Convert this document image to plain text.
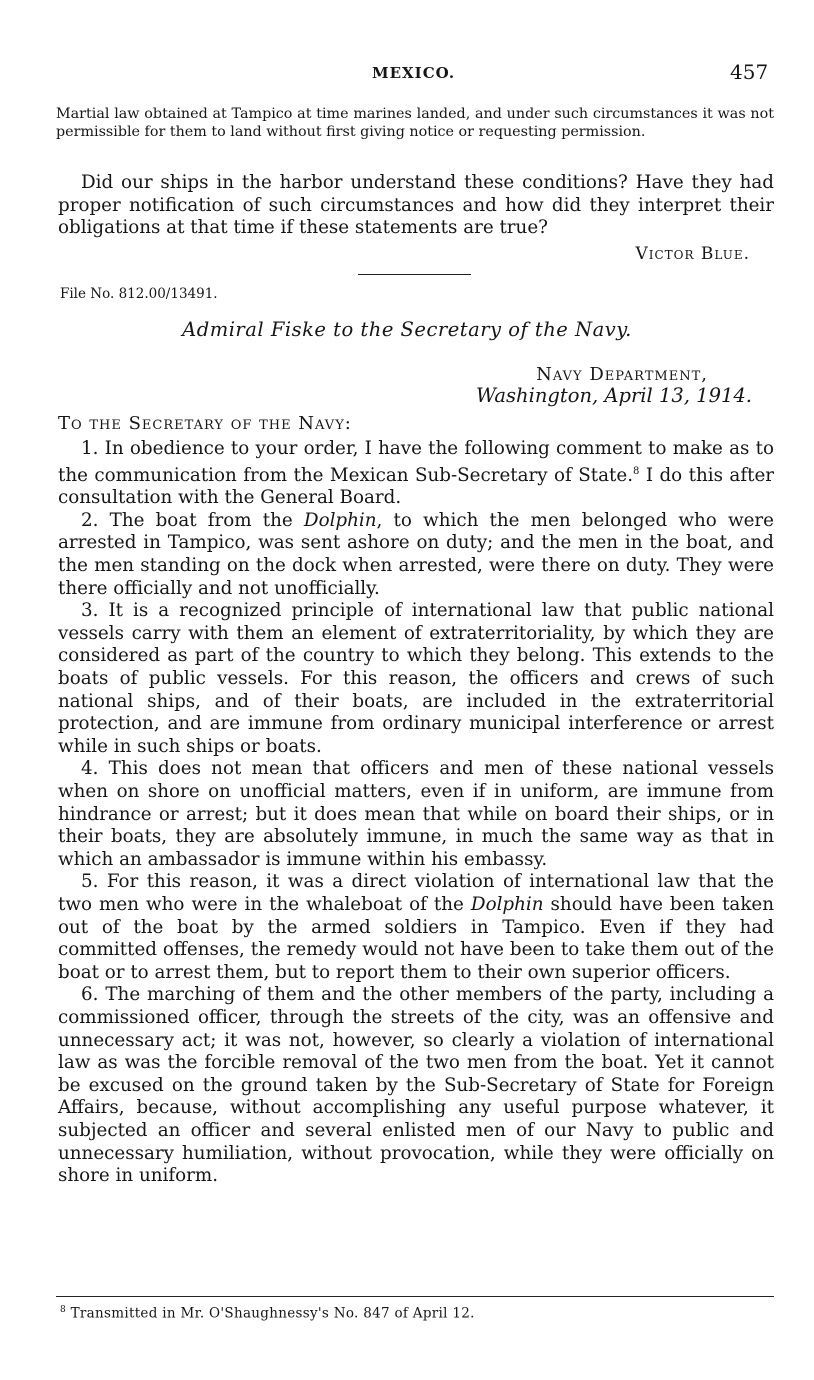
MEXICO.	457
Martial law obtained at Tampico at time marines landed, and under such circumstances it was not permissible for them to land without first giving notice or requesting permission.

Did our ships in the harbor understand these conditions? Have they had proper notification of such circumstances and how did they interpret their obligations at that time if these statements are true?

Victor Blue.
File No. 812.00/13491.
Admiral Fiske to the Secretary of the Navy.
Navy Department,
Washington, April 13, 1914.
To the Secretary of the Navy:

1. In obedience to your order, I have the following comment to make as to the communication from the Mexican Sub-Secretary of State.$^8$ I do this after consultation with the General Board.

2. The boat from the Dolphin, to which the men belonged who were arrested in Tampico, was sent ashore on duty; and the men in the boat, and the men standing on the dock when arrested, were there on duty. They were there officially and not unofficially.

3. It is a recognized principle of international law that public national vessels carry with them an element of extraterritoriality, by which they are considered as part of the country to which they belong. This extends to the boats of public vessels. For this reason, the officers and crews of such national ships, and of their boats, are included in the extraterritorial protection, and are immune from ordinary municipal interference or arrest while in such ships or boats.

4. This does not mean that officers and men of these national vessels when on shore on unofficial matters, even if in uniform, are immune from hindrance or arrest; but it does mean that while on board their ships, or in their boats, they are absolutely immune, in much the same way as that in which an ambassador is immune within his embassy.

5. For this reason, it was a direct violation of international law that the two men who were in the whaleboat of the Dolphin should have been taken out of the boat by the armed soldiers in Tampico. Even if they had committed offenses, the remedy would not have been to take them out of the boat or to arrest them, but to report them to their own superior officers.

6. The marching of them and the other members of the party, including a commissioned officer, through the streets of the city, was an offensive and unnecessary act; it was not, however, so clearly a violation of international law as was the forcible removal of the two men from the boat. Yet it cannot be excused on the ground taken by the Sub-Secretary of State for Foreign Affairs, because, without accomplishing any useful purpose whatever, it subjected an officer and several enlisted men of our Navy to public and unnecessary humiliation, without provocation, while they were officially on shore in uniform.

$^8$ Transmitted in Mr. O'Shaughnessy's No. 847 of April 12.
